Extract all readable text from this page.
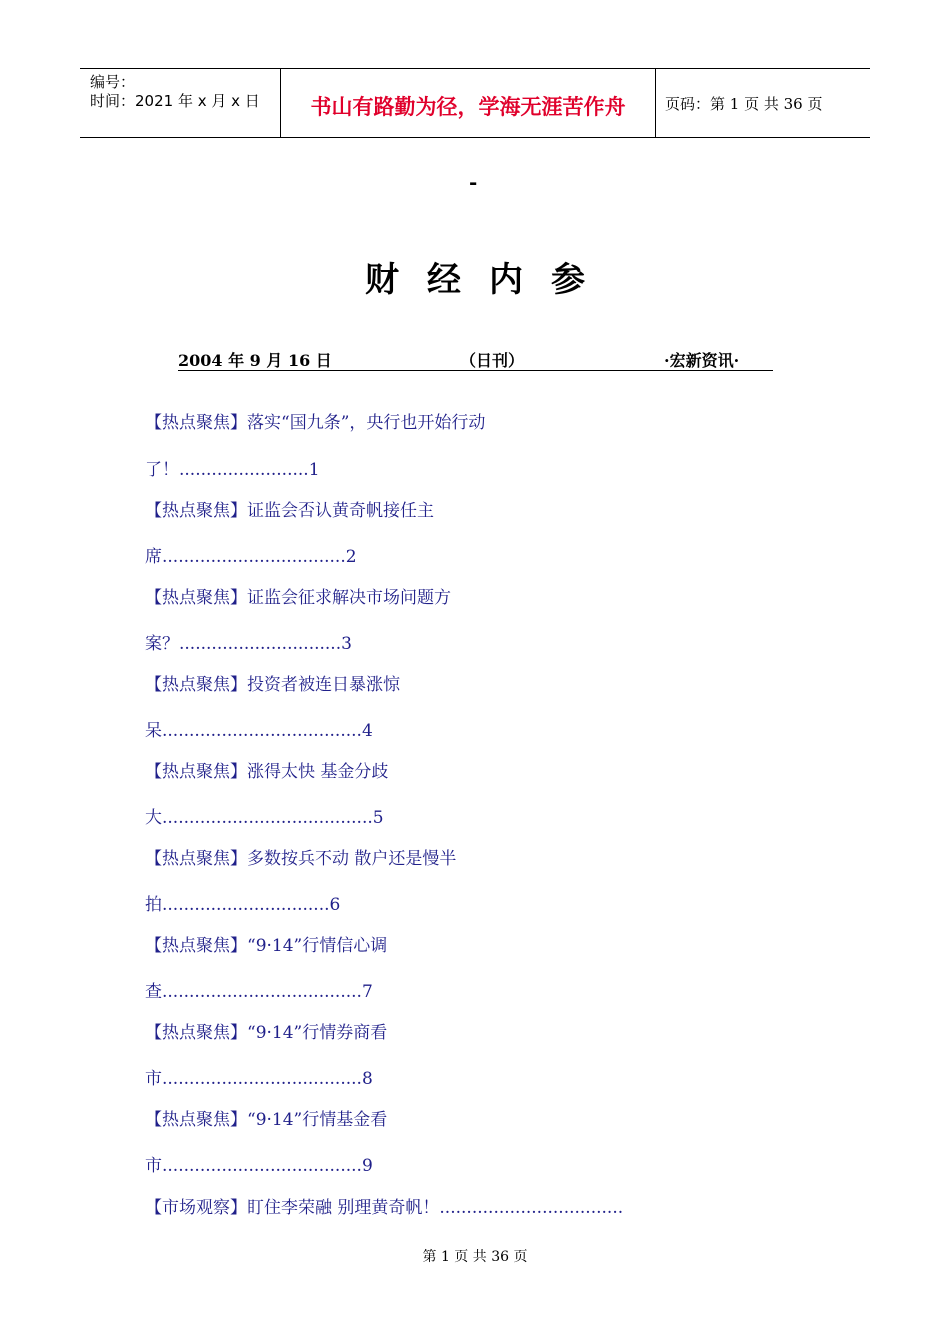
编号：
时间：2021 年 x 月 x 日	书山有路勤为径，学海无涯苦作舟	页码：第 1 页 共 36 页
-
财经内参
2004 年 9 月 16 日	（日刊）	·宏新资讯·
【热点聚焦】落实“国九条”，央行也开始行动
了！........................1
【热点聚焦】证监会否认黄奇帆接任主
席..................................2
【热点聚焦】证监会征求解决市场问题方
案？..............................3
【热点聚焦】投资者被连日暴涨惊
呆.....................................4
【热点聚焦】涨得太快 基金分歧
大.......................................5
【热点聚焦】多数按兵不动 散户还是慢半
拍...............................6
【热点聚焦】“9·14”行情信心调
查.....................................7
【热点聚焦】“9·14”行情券商看
市.....................................8
【热点聚焦】“9·14”行情基金看
市.....................................9
【市场观察】盯住李荣融 别理黄奇帆！..................................
第 1 页 共 36 页
